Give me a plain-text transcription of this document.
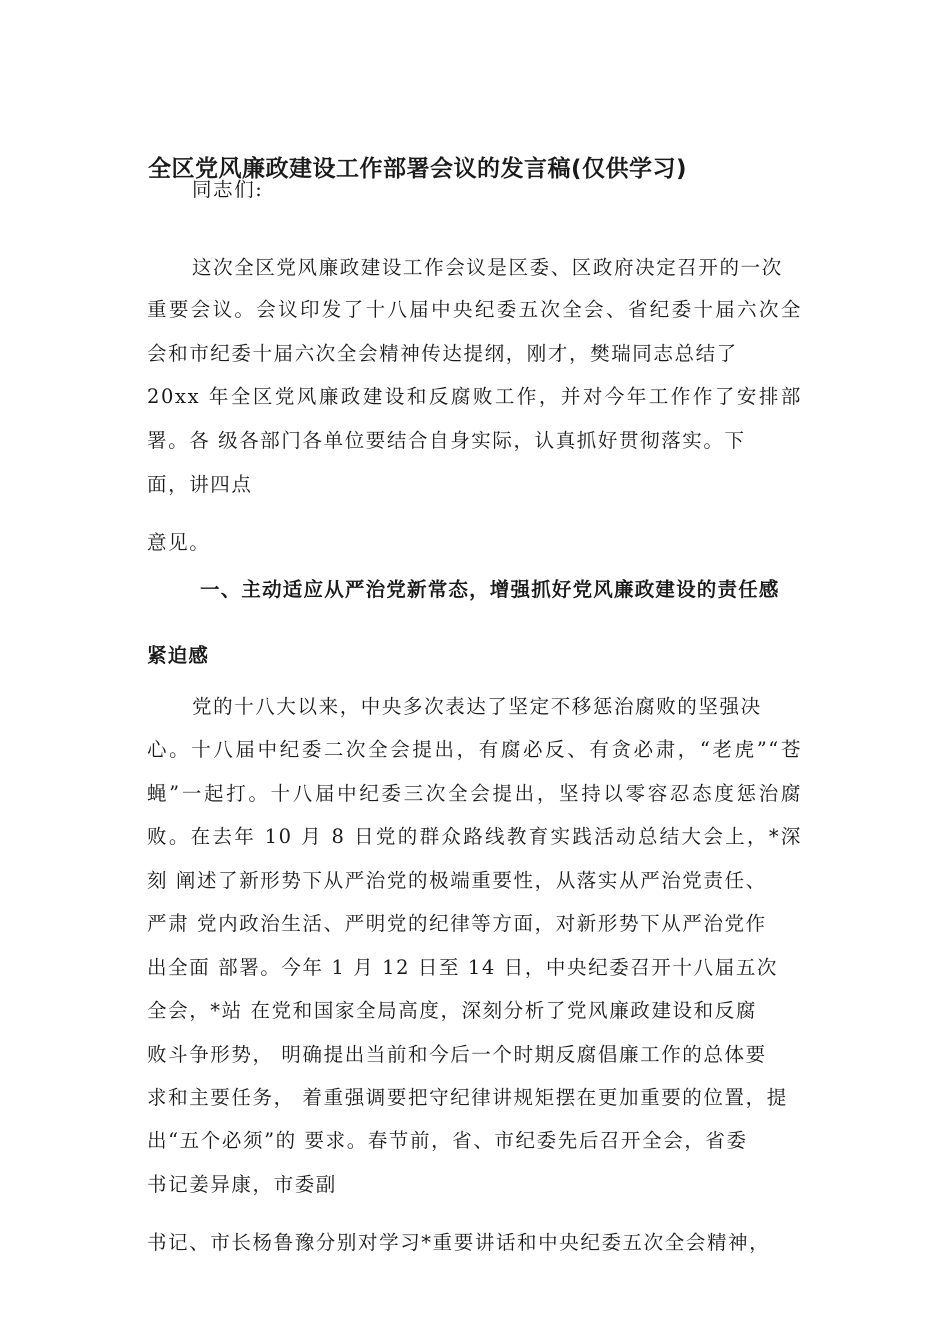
全区党风廉政建设工作部署会议的发言稿(仅供学习)
同志们:
这次全区党风廉政建设工作会议是区委、区政府决定召开的一次
重要会议。会议印发了十八届中央纪委五次全会、省纪委十届六次全
会和市纪委十届六次全会精神传达提纲，刚才，樊瑞同志总结了
20xx 年全区党风廉政建设和反腐败工作，并对今年工作作了安排部
署。各 级各部门各单位要结合自身实际，认真抓好贯彻落实。下
面，讲四点
意见。
一、主动适应从严治党新常态，增强抓好党风廉政建设的责任感
紧迫感
党的十八大以来，中央多次表达了坚定不移惩治腐败的坚强决
心。十八届中纪委二次全会提出，有腐必反、有贪必肃，“老虎”“苍
蝇”一起打。十八届中纪委三次全会提出，坚持以零容忍态度惩治腐
败。在去年 10 月 8 日党的群众路线教育实践活动总结大会上，*深
刻 阐述了新形势下从严治党的极端重要性，从落实从严治党责任、
严肃 党内政治生活、严明党的纪律等方面，对新形势下从严治党作
出全面 部署。今年 1 月 12 日至 14 日，中央纪委召开十八届五次
全会，*站 在党和国家全局高度，深刻分析了党风廉政建设和反腐
败斗争形势， 明确提出当前和今后一个时期反腐倡廉工作的总体要
求和主要任务， 着重强调要把守纪律讲规矩摆在更加重要的位置，提
出“五个必须”的 要求。春节前，省、市纪委先后召开全会，省委
书记姜异康，市委副
书记、市长杨鲁豫分别对学习*重要讲话和中央纪委五次全会精神，
